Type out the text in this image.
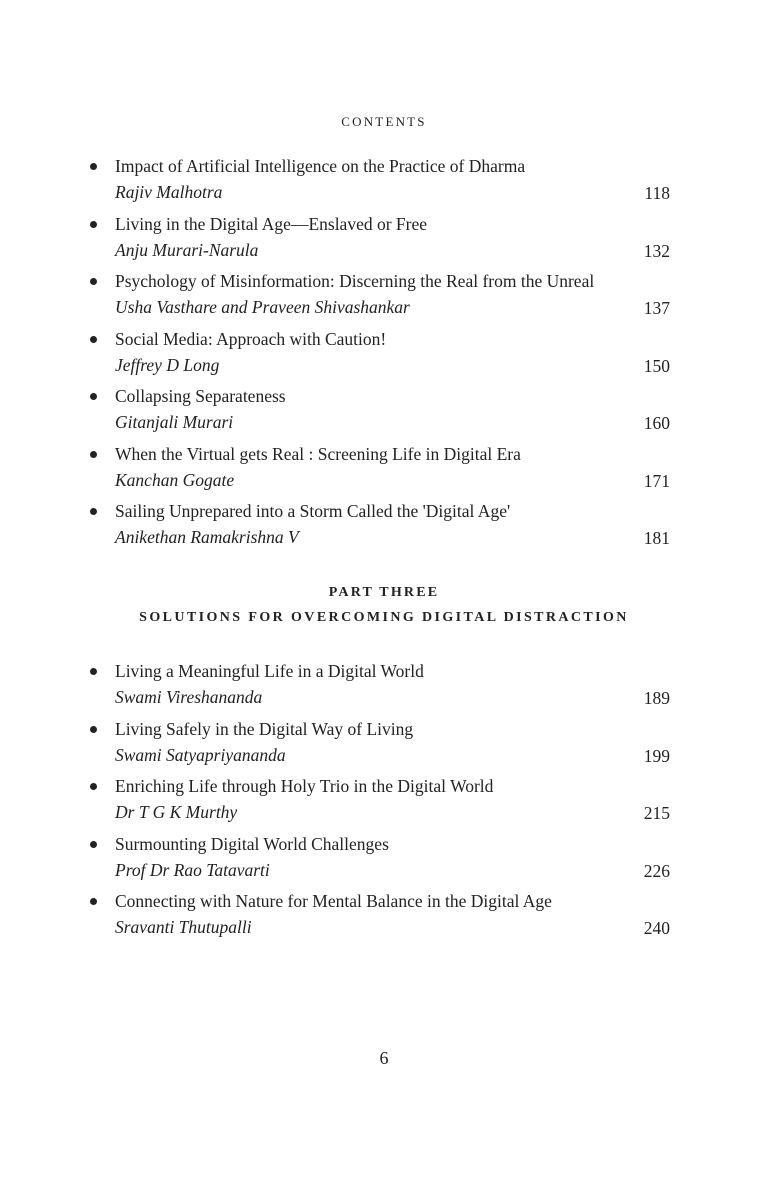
CONTENTS
Impact of Artificial Intelligence on the Practice of Dharma
Rajiv Malhotra	118
Living in the Digital Age—Enslaved or Free
Anju Murari-Narula	132
Psychology of Misinformation: Discerning the Real from the Unreal
Usha Vasthare and Praveen Shivashankar	137
Social Media: Approach with Caution!
Jeffrey D Long	150
Collapsing Separateness
Gitanjali Murari	160
When the Virtual gets Real : Screening Life in Digital Era
Kanchan Gogate	171
Sailing Unprepared into a Storm Called the 'Digital Age'
Anikethan Ramakrishna V	181
PART THREE
SOLUTIONS FOR OVERCOMING DIGITAL DISTRACTION
Living a Meaningful Life in a Digital World
Swami Vireshananda	189
Living Safely in the Digital Way of Living
Swami Satyapriyananda	199
Enriching Life through Holy Trio in the Digital World
Dr T G K Murthy	215
Surmounting Digital World Challenges
Prof Dr Rao Tatavarti	226
Connecting with Nature for Mental Balance in the Digital Age
Sravanti Thutupalli	240
6
